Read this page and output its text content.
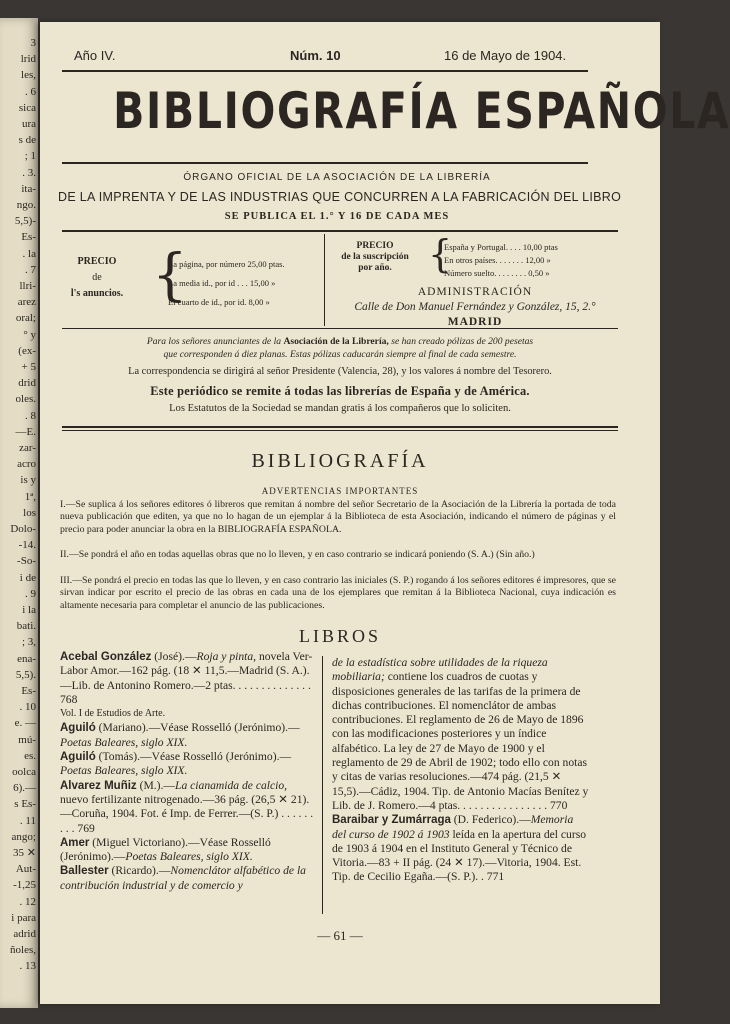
3
lrid
les,
. 6
sica
ura
s de
; 1
. 3.
ita-
ngo.
5,5)-
Es-
. la
. 7
llri-
arez
oral;
° y
(ex-
+ 5
drid
oles.
. 8
—E.
zar-
acro
is y
1ª,
los
Dolo-
-14.
-So-
i de
. 9
i la
bati.
; 3,
ena-
5,5).
Es-
. 10
e. —
mú-
es.
oolca
6).—
s Es-
. 11
ango;
35 ✕
Aut-
-1,25
. 12
i para
adrid
ñoles,
. 13
Año IV.	Núm. 10	16 de Mayo de 1904.
BIBLIOGRAFÍA ESPAÑOLA
ÓRGANO OFICIAL DE LA ASOCIACIÓN DE LA LIBRERÍA
DE LA IMPRENTA Y DE LAS INDUSTRIAS QUE CONCURREN A LA FABRICACIÓN DEL LIBRO
SE PUBLICA EL 1.° Y 16 DE CADA MES
PRECIO
de
l's anuncios. {
La página, por número 25,00 ptas.
La media id., por id . . . 15,00 »
El cuarto de id., por id. 8,00 »
PRECIO
de la suscripción
por año. {
España y Portugal. . . . 10,00 ptas
En otros países. . . . . . . 12,00 »
Número suelto. . . . . . . . 0,50 »
ADMINISTRACIÓN
Calle de Don Manuel Fernández y González, 15, 2.°
MADRID
Para los señores anunciantes de la Asociación de la Librería, se han creado pólizas de 200 pesetas
que corresponden á diez planas. Estas pólizas caducarán siempre al final de cada semestre.
La correspondencia se dirigirá al señor Presidente (Valencia, 28), y los valores á nombre del Tesorero.
Este periódico se remite á todas las librerías de España y de América.
Los Estatutos de la Sociedad se mandan gratis á los compañeros que lo soliciten.
BIBLIOGRAFÍA
ADVERTENCIAS IMPORTANTES
I.—Se suplica á los señores editores ó libreros que remitan á nombre del señor Secretario de la Asociación de la Librería la portada de toda nueva publicación que editen, ya que no lo hagan de un ejemplar á la Biblioteca de esta Asociación, indicando el número de páginas y el precio para poder anunciar la obra en la BIBLIOGRAFÍA ESPAÑOLA.
II.—Se pondrá el año en todas aquellas obras que no lo lleven, y en caso contrario se indicará poniendo (S. A.) (Sin año.)
III.—Se pondrá el precio en todas las que lo lleven, y en caso contrario las iniciales (S. P.) rogando á los señores editores é impresores, que se sirvan indicar por escrito el precio de las obras en cada una de los ejemplares que remitan á la Biblioteca Nacional, cuya indicación es altamente necesaria para completar el anuncio de las publicaciones.
LIBROS

Acebal González (José).—Roja y pinta, novela Ver-Labor Amor.—162 pág. (18 ✕ 11,5.—Madrid (S. A.).—Lib. de Antonino Romero.—2 ptas. . . . . . . . . . . . . . 768

Vol. I de Estudios de Arte.

Aguiló (Mariano).—Véase Rosselló (Jerónimo).—Poetas Baleares, siglo XIX.

Aguiló (Tomás).—Véase Rosselló (Jerónimo).—Poetas Baleares, siglo XIX.

Alvarez Muñiz (M.).—La cianamida de calcio, nuevo fertilizante nitrogenado.—36 pág. (26,5 ✕ 21).—Coruña, 1904. Fot. é Imp. de Ferrer.—(S. P.) . . . . . . . . . 769

Amer (Miguel Victoriano).—Véase Rosselló (Jerónimo).—Poetas Baleares, siglo XIX.

Ballester (Ricardo).—Nomenclátor alfabético de la contribución industrial y de comercio y

de la estadística sobre utilidades de la riqueza mobiliaria; contiene los cuadros de cuotas y disposiciones generales de las tarifas de la primera de dichas contribuciones. El nomenclátor de ambas contribuciones. El reglamento de 26 de Mayo de 1896 con las modificaciones posteriores y un índice alfabético. La ley de 27 de Mayo de 1900 y el reglamento de 29 de Abril de 1902; todo ello con notas y citas de varias resoluciones.—474 pág. (21,5 ✕ 15,5).—Cádiz, 1904. Tip. de Antonio Macías Benítez y Lib. de J. Romero.—4 ptas. . . . . . . . . . . . . . . . 770

Baraibar y Zumárraga (D. Federico).—Memoria del curso de 1902 á 1903 leída en la apertura del curso de 1903 á 1904 en el Instituto General y Técnico de Vitoria.—83 + II pág. (24 ✕ 17).—Vitoria, 1904. Est. Tip. de Cecilio Egaña.—(S. P.). . 771

— 61 —
